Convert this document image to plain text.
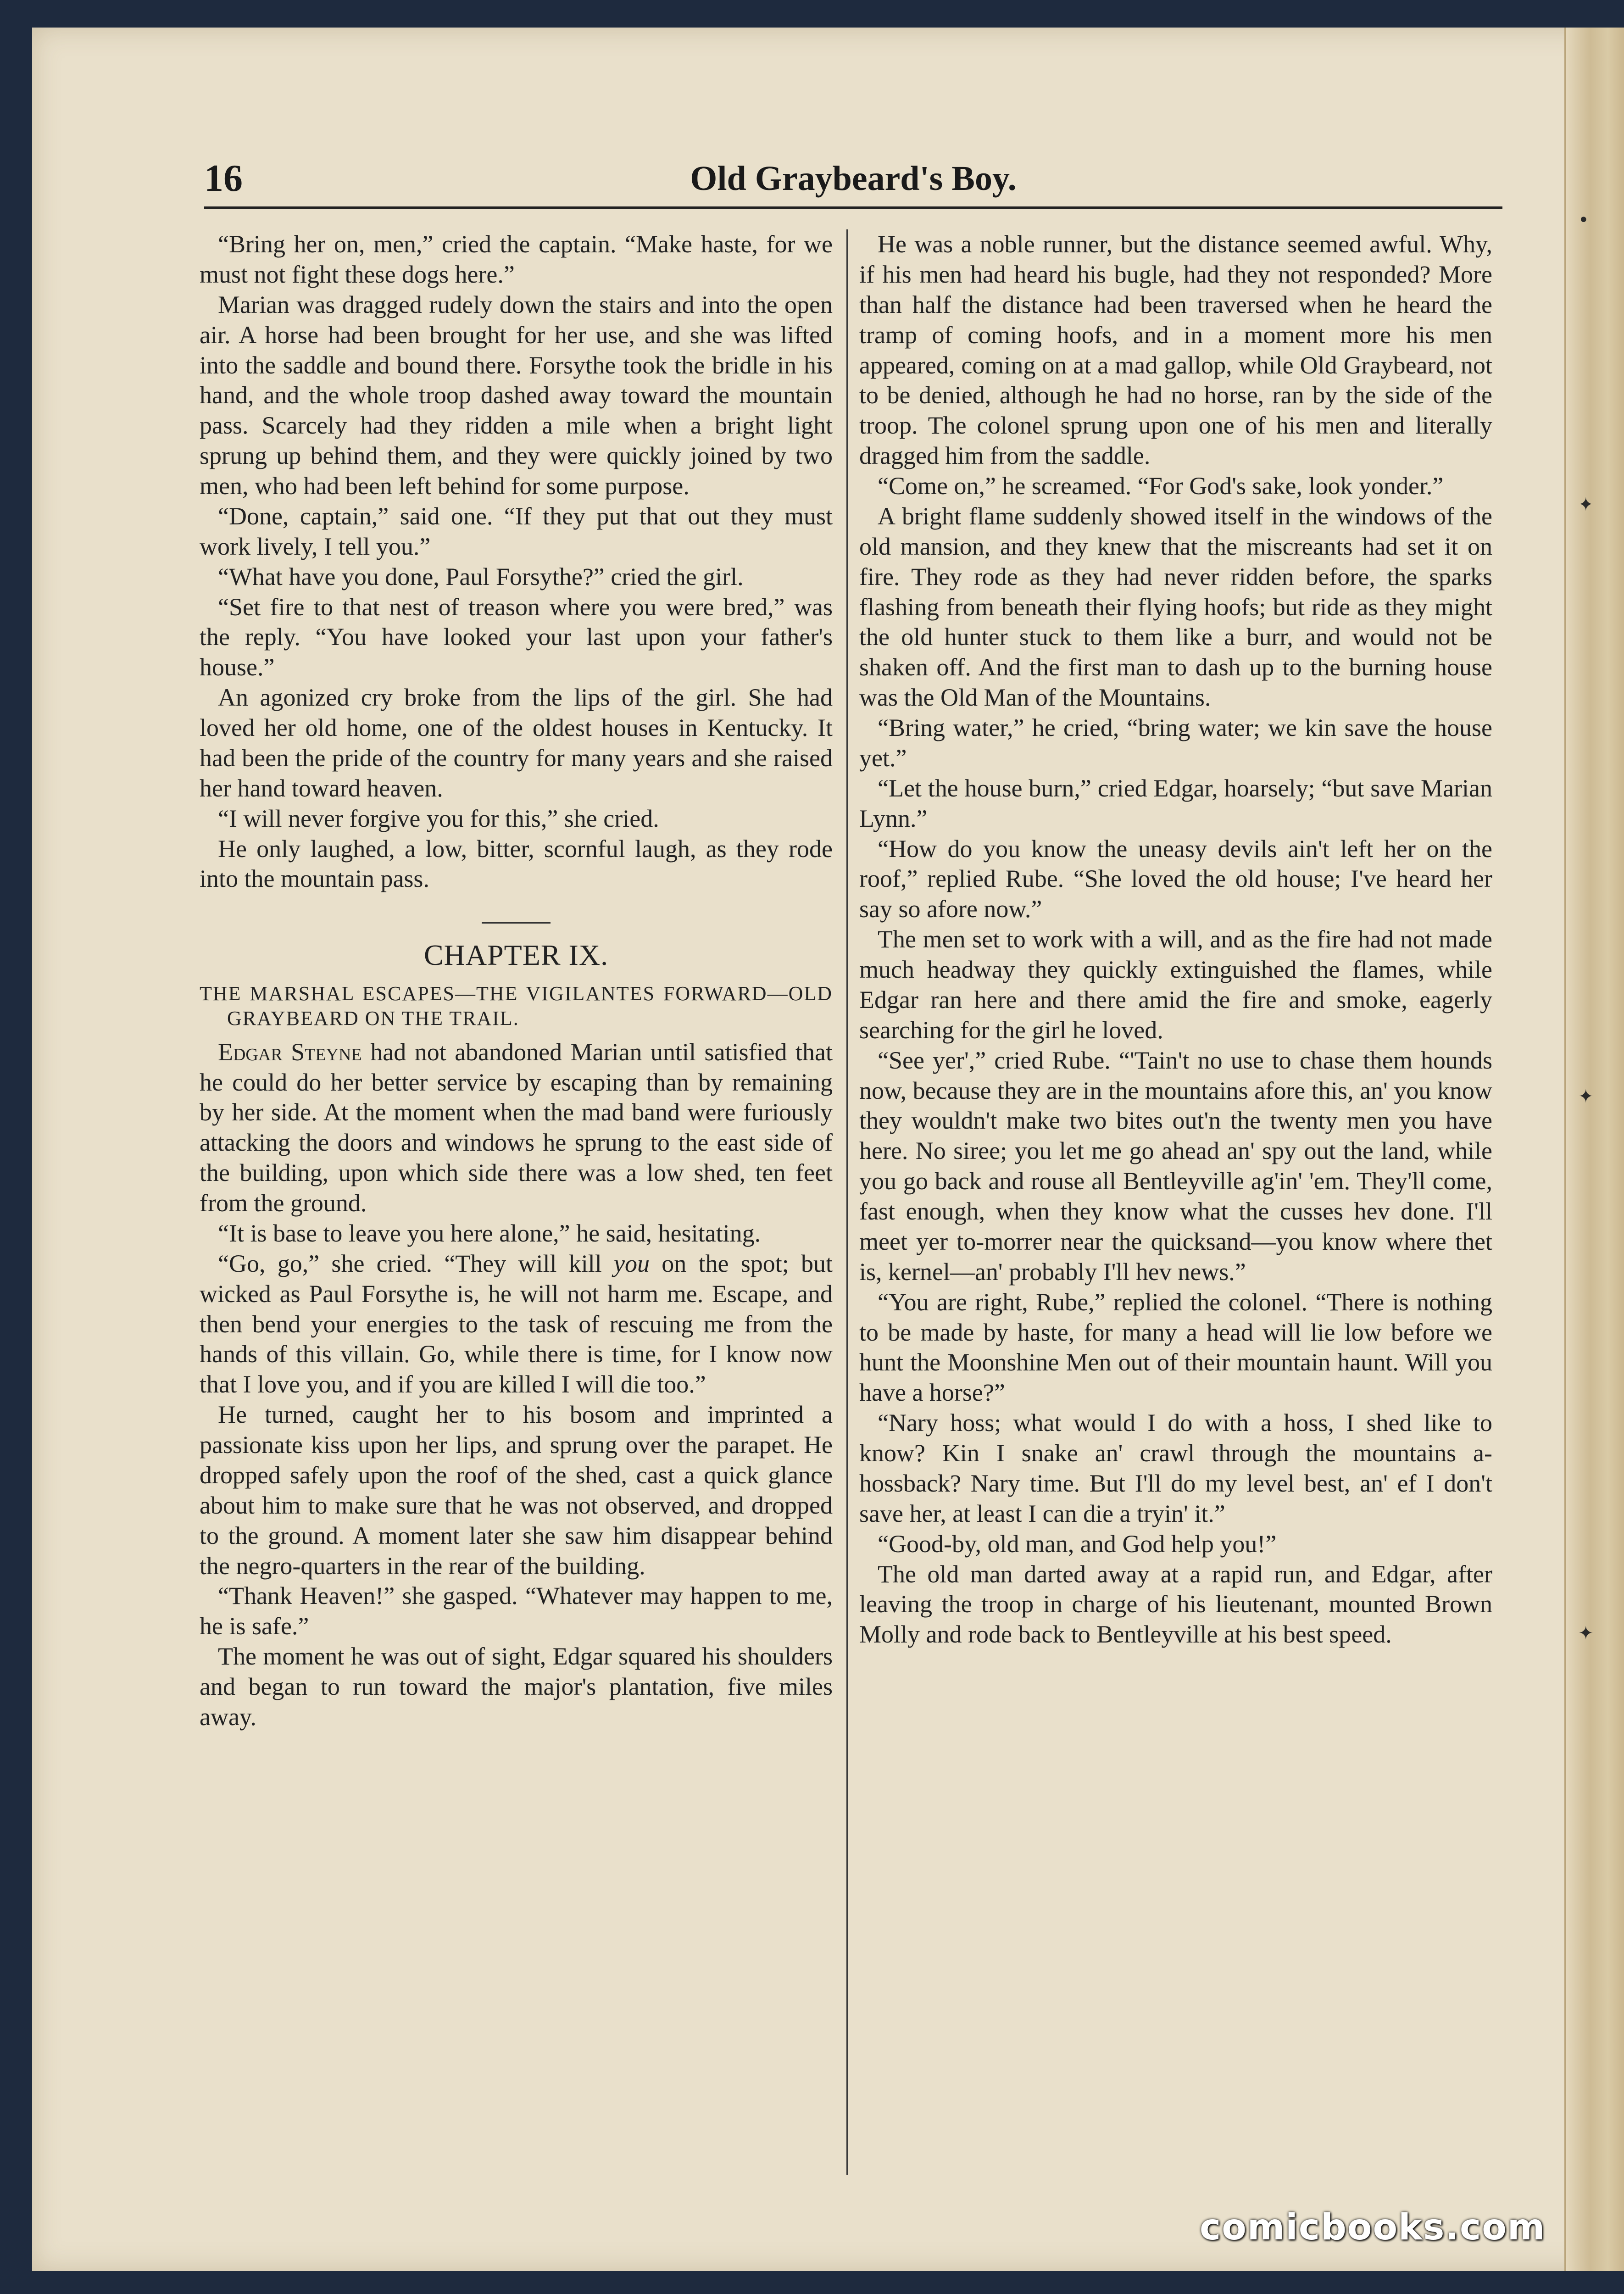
•
✦
✦
✦
16	Old Graybeard's Boy.

“Bring her on, men,” cried the captain. “Make haste, for we must not fight these dogs here.”

Marian was dragged rudely down the stairs and into the open air. A horse had been brought for her use, and she was lifted into the saddle and bound there. Forsythe took the bridle in his hand, and the whole troop dashed away toward the mountain pass. Scarcely had they ridden a mile when a bright light sprung up behind them, and they were quickly joined by two men, who had been left behind for some purpose.

“Done, captain,” said one. “If they put that out they must work lively, I tell you.”

“What have you done, Paul Forsythe?” cried the girl.

“Set fire to that nest of treason where you were bred,” was the reply. “You have looked your last upon your father's house.”

An agonized cry broke from the lips of the girl. She had loved her old home, one of the oldest houses in Kentucky. It had been the pride of the country for many years and she raised her hand toward heaven.

“I will never forgive you for this,” she cried.

He only laughed, a low, bitter, scornful laugh, as they rode into the mountain pass.

CHAPTER IX.
THE MARSHAL ESCAPES—THE VIGILANTES FORWARD—OLD GRAYBEARD ON THE TRAIL.

Edgar Steyne had not abandoned Marian until satisfied that he could do her better service by escaping than by remaining by her side. At the moment when the mad band were furiously attacking the doors and windows he sprung to the east side of the building, upon which side there was a low shed, ten feet from the ground.

“It is base to leave you here alone,” he said, hesitating.

“Go, go,” she cried. “They will kill you on the spot; but wicked as Paul Forsythe is, he will not harm me. Escape, and then bend your energies to the task of rescuing me from the hands of this villain. Go, while there is time, for I know now that I love you, and if you are killed I will die too.”

He turned, caught her to his bosom and imprinted a passionate kiss upon her lips, and sprung over the parapet. He dropped safely upon the roof of the shed, cast a quick glance about him to make sure that he was not observed, and dropped to the ground. A moment later she saw him disappear behind the negro-quarters in the rear of the building.

“Thank Heaven!” she gasped. “Whatever may happen to me, he is safe.”

The moment he was out of sight, Edgar squared his shoulders and began to run toward the major's plantation, five miles away.

He was a noble runner, but the distance seemed awful. Why, if his men had heard his bugle, had they not responded? More than half the distance had been traversed when he heard the tramp of coming hoofs, and in a moment more his men appeared, coming on at a mad gallop, while Old Graybeard, not to be denied, although he had no horse, ran by the side of the troop. The colonel sprung upon one of his men and literally dragged him from the saddle.

“Come on,” he screamed. “For God's sake, look yonder.”

A bright flame suddenly showed itself in the windows of the old mansion, and they knew that the miscreants had set it on fire. They rode as they had never ridden before, the sparks flashing from beneath their flying hoofs; but ride as they might the old hunter stuck to them like a burr, and would not be shaken off. And the first man to dash up to the burning house was the Old Man of the Mountains.

“Bring water,” he cried, “bring water; we kin save the house yet.”

“Let the house burn,” cried Edgar, hoarsely; “but save Marian Lynn.”

“How do you know the uneasy devils ain't left her on the roof,” replied Rube. “She loved the old house; I've heard her say so afore now.”

The men set to work with a will, and as the fire had not made much headway they quickly extinguished the flames, while Edgar ran here and there amid the fire and smoke, eagerly searching for the girl he loved.

“See yer',” cried Rube. “'Tain't no use to chase them hounds now, because they are in the mountains afore this, an' you know they wouldn't make two bites out'n the twenty men you have here. No siree; you let me go ahead an' spy out the land, while you go back and rouse all Bentleyville ag'in' 'em. They'll come, fast enough, when they know what the cusses hev done. I'll meet yer to-morrer near the quicksand—you know where thet is, kernel—an' probably I'll hev news.”

“You are right, Rube,” replied the colonel. “There is nothing to be made by haste, for many a head will lie low before we hunt the Moonshine Men out of their mountain haunt. Will you have a horse?”

“Nary hoss; what would I do with a hoss, I shed like to know? Kin I snake an' crawl through the mountains a-hossback? Nary time. But I'll do my level best, an' ef I don't save her, at least I can die a tryin' it.”

“Good-by, old man, and God help you!”

The old man darted away at a rapid run, and Edgar, after leaving the troop in charge of his lieutenant, mounted Brown Molly and rode back to Bentleyville at his best speed.

comicbooks.com
